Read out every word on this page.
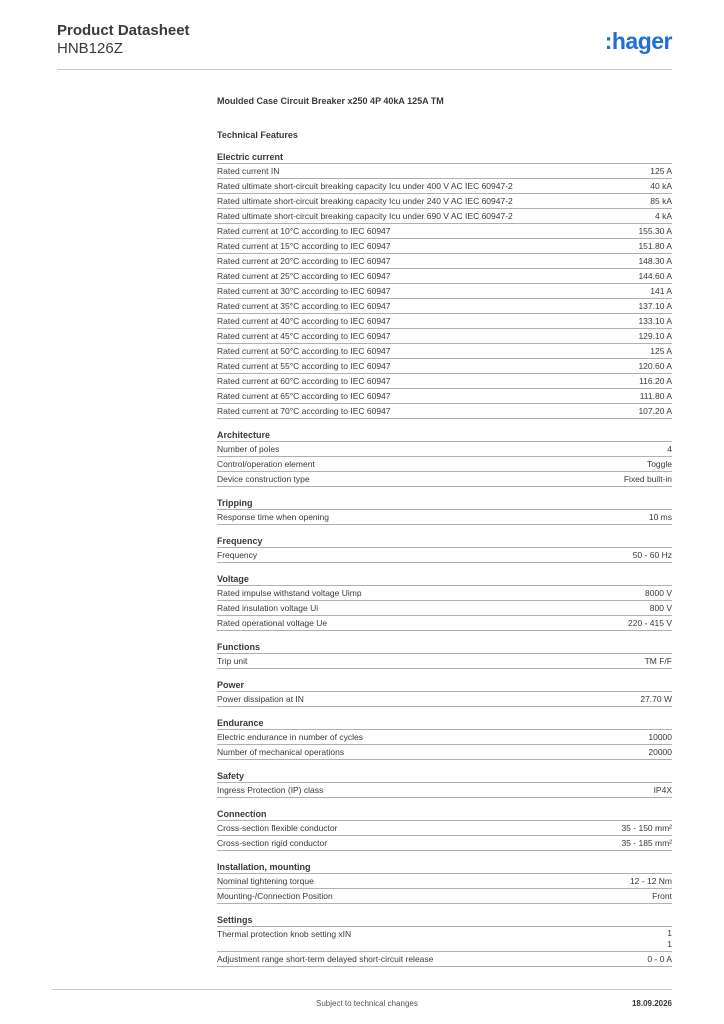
Product Datasheet
HNB126Z	:hager
Moulded Case Circuit Breaker x250 4P 40kA 125A TM
Technical Features
Electric current
Rated current IN	125 A
Rated ultimate short-circuit breaking capacity Icu under 400 V AC IEC 60947-2	40 kA
Rated ultimate short-circuit breaking capacity Icu under 240 V AC IEC 60947-2	85 kA
Rated ultimate short-circuit breaking capacity Icu under 690 V AC IEC 60947-2	4 kA
Rated current at 10°C according to IEC 60947	155.30 A
Rated current at 15°C according to IEC 60947	151.80 A
Rated current at 20°C according to IEC 60947	148.30 A
Rated current at 25°C according to IEC 60947	144.60 A
Rated current at 30°C according to IEC 60947	141 A
Rated current at 35°C according to IEC 60947	137.10 A
Rated current at 40°C according to IEC 60947	133.10 A
Rated current at 45°C according to IEC 60947	129.10 A
Rated current at 50°C according to IEC 60947	125 A
Rated current at 55°C according to IEC 60947	120.60 A
Rated current at 60°C according to IEC 60947	116.20 A
Rated current at 65°C according to IEC 60947	111.80 A
Rated current at 70°C according to IEC 60947	107.20 A
Architecture
Number of poles	4
Control/operation element	Toggle
Device construction type	Fixed built-in
Tripping
Response time when opening	10 ms
Frequency
Frequency	50 - 60 Hz
Voltage
Rated impulse withstand voltage Uimp	8000 V
Rated insulation voltage Ui	800 V
Rated operational voltage Ue	220 - 415 V
Functions
Trip unit	TM F/F
Power
Power dissipation at IN	27.70 W
Endurance
Electric endurance in number of cycles	10000
Number of mechanical operations	20000
Safety
Ingress Protection (IP) class	IP4X
Connection
Cross-section flexible conductor	35 - 150 mm²
Cross-section rigid conductor	35 - 185 mm²
Installation, mounting
Nominal tightening torque	12 - 12 Nm
Mounting-/Connection Position	Front
Settings
Thermal protection knob setting xIN	1
1
Adjustment range short-term delayed short-circuit release	0 - 0 A
Subject to technical changes	18.09.2026
